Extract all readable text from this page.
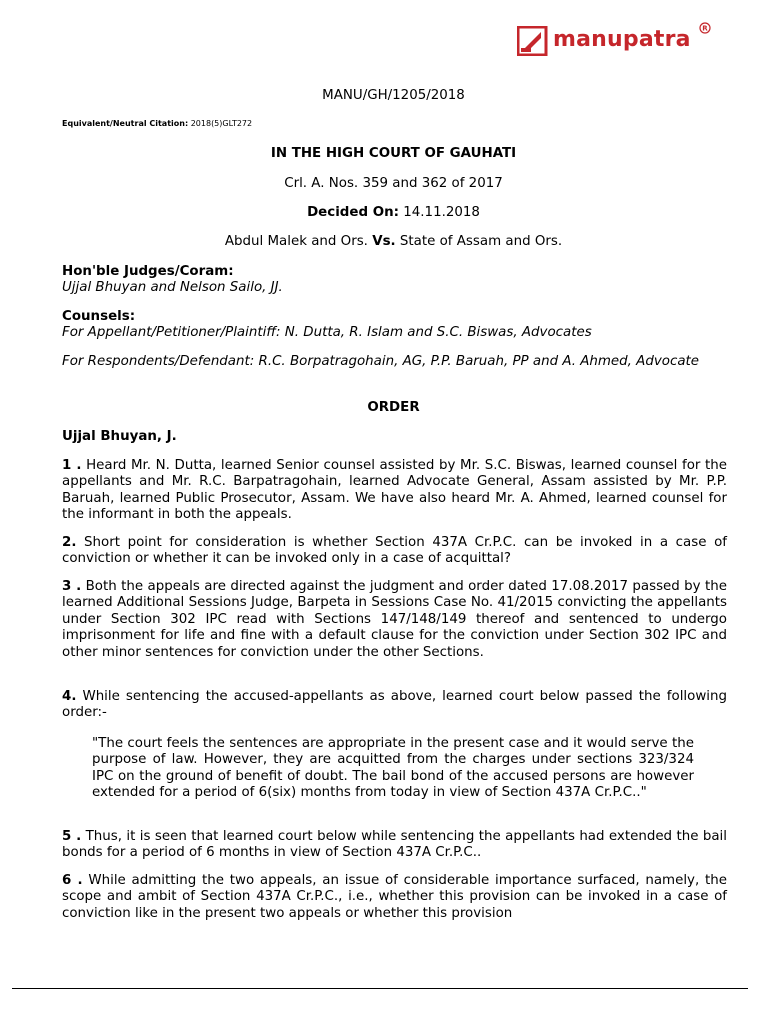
manupatra R
MANU/GH/1205/2018
Equivalent/Neutral Citation: 2018(5)GLT272
IN THE HIGH COURT OF GAUHATI
Crl. A. Nos. 359 and 362 of 2017
Decided On: 14.11.2018
Abdul Malek and Ors. Vs. State of Assam and Ors.
Hon'ble Judges/Coram:
Ujjal Bhuyan and Nelson Sailo, JJ.
Counsels:
For Appellant/Petitioner/Plaintiff: N. Dutta, R. Islam and S.C. Biswas, Advocates
For Respondents/Defendant: R.C. Borpatragohain, AG, P.P. Baruah, PP and A. Ahmed, Advocate
ORDER
Ujjal Bhuyan, J.
1 . Heard Mr. N. Dutta, learned Senior counsel assisted by Mr. S.C. Biswas, learned counsel for the appellants and Mr. R.C. Barpatragohain, learned Advocate General, Assam assisted by Mr. P.P. Baruah, learned Public Prosecutor, Assam. We have also heard Mr. A. Ahmed, learned counsel for the informant in both the appeals.
2. Short point for consideration is whether Section 437A Cr.P.C. can be invoked in a case of conviction or whether it can be invoked only in a case of acquittal?
3 . Both the appeals are directed against the judgment and order dated 17.08.2017 passed by the learned Additional Sessions Judge, Barpeta in Sessions Case No. 41/2015 convicting the appellants under Section 302 IPC read with Sections 147/148/149 thereof and sentenced to undergo imprisonment for life and fine with a default clause for the conviction under Section 302 IPC and other minor sentences for conviction under the other Sections.
4. While sentencing the accused-appellants as above, learned court below passed the following order:-
"The court feels the sentences are appropriate in the present case and it would serve the purpose of law. However, they are acquitted from the charges under sections 323/324 IPC on the ground of benefit of doubt. The bail bond of the accused persons are however extended for a period of 6(six) months from today in view of Section 437A Cr.P.C.."
5 . Thus, it is seen that learned court below while sentencing the appellants had extended the bail bonds for a period of 6 months in view of Section 437A Cr.P.C..
6 . While admitting the two appeals, an issue of considerable importance surfaced, namely, the scope and ambit of Section 437A Cr.P.C., i.e., whether this provision can be invoked in a case of conviction like in the present two appeals or whether this provision
